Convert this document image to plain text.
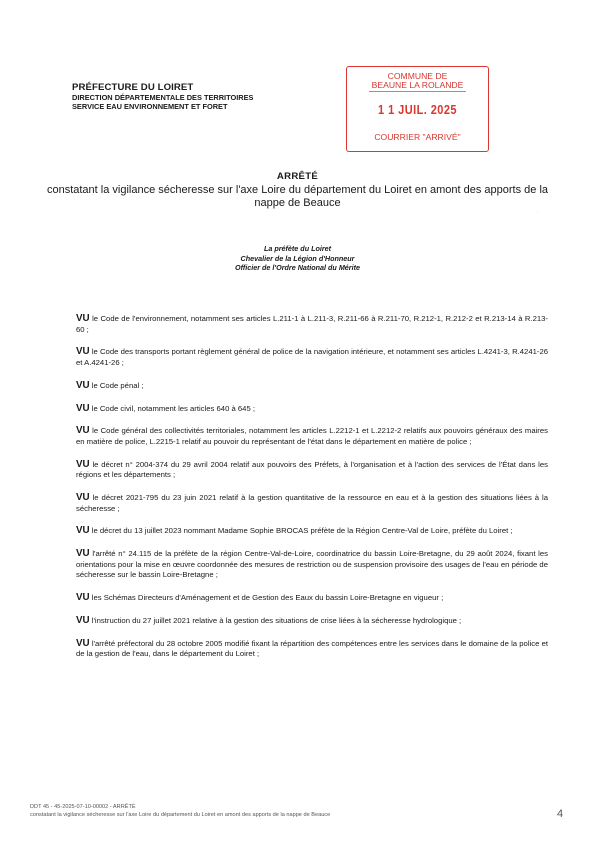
PRÉFECTURE DU LOIRET
DIRECTION DÉPARTEMENTALE DES TERRITOIRES
SERVICE EAU ENVIRONNEMENT ET FORET
COMMUNE DE
BEAUNE LA ROLANDE
1 1 JUIL. 2025
COURRIER "ARRIVÉ"
·
ARRÊTÉ
constatant la vigilance sécheresse sur l'axe Loire du département du Loiret en amont des apports de la nappe de Beauce
La préfète du Loiret
Chevalier de la Légion d'Honneur
Officier de l'Ordre National du Mérite
VU le Code de l'environnement, notamment ses articles L.211-1 à L.211-3, R.211-66 à R.211-70, R.212-1, R.212-2 et R.213-14 à R.213-60 ;
VU le Code des transports portant règlement général de police de la navigation intérieure, et notamment ses articles L.4241-3, R.4241-26 et A.4241-26 ;
VU le Code pénal ;
VU le Code civil, notamment les articles 640 à 645 ;
VU le Code général des collectivités territoriales, notamment les articles L.2212-1 et L.2212-2 relatifs aux pouvoirs généraux des maires en matière de police, L.2215-1 relatif au pouvoir du représentant de l'état dans le département en matière de police ;
VU le décret n° 2004-374 du 29 avril 2004 relatif aux pouvoirs des Préfets, à l'organisation et à l'action des services de l'État dans les régions et les départements ;
VU le décret 2021-795 du 23 juin 2021 relatif à la gestion quantitative de la ressource en eau et à la gestion des situations liées à la sécheresse ;
VU le décret du 13 juillet 2023 nommant Madame Sophie BROCAS préfète de la Région Centre-Val de Loire, préfète du Loiret ;
VU l'arrêté n° 24.115 de la préfète de la région Centre-Val-de-Loire, coordinatrice du bassin Loire-Bretagne, du 29 août 2024, fixant les orientations pour la mise en œuvre coordonnée des mesures de restriction ou de suspension provisoire des usages de l'eau en période de sécheresse sur le bassin Loire-Bretagne ;
VU les Schémas Directeurs d'Aménagement et de Gestion des Eaux du bassin Loire-Bretagne en vigueur ;
VU l'instruction du 27 juillet 2021 relative à la gestion des situations de crise liées à la sécheresse hydrologique ;
VU l'arrêté préfectoral du 28 octobre 2005 modifié fixant la répartition des compétences entre les services dans le domaine de la police et de la gestion de l'eau, dans le département du Loiret ;
DDT 45 - 45-2025-07-10-00002 - ARRÊTÉ
constatant la vigilance sécheresse sur l'axe Loire du département du Loiret en amont des apports de la nappe de Beauce	4
